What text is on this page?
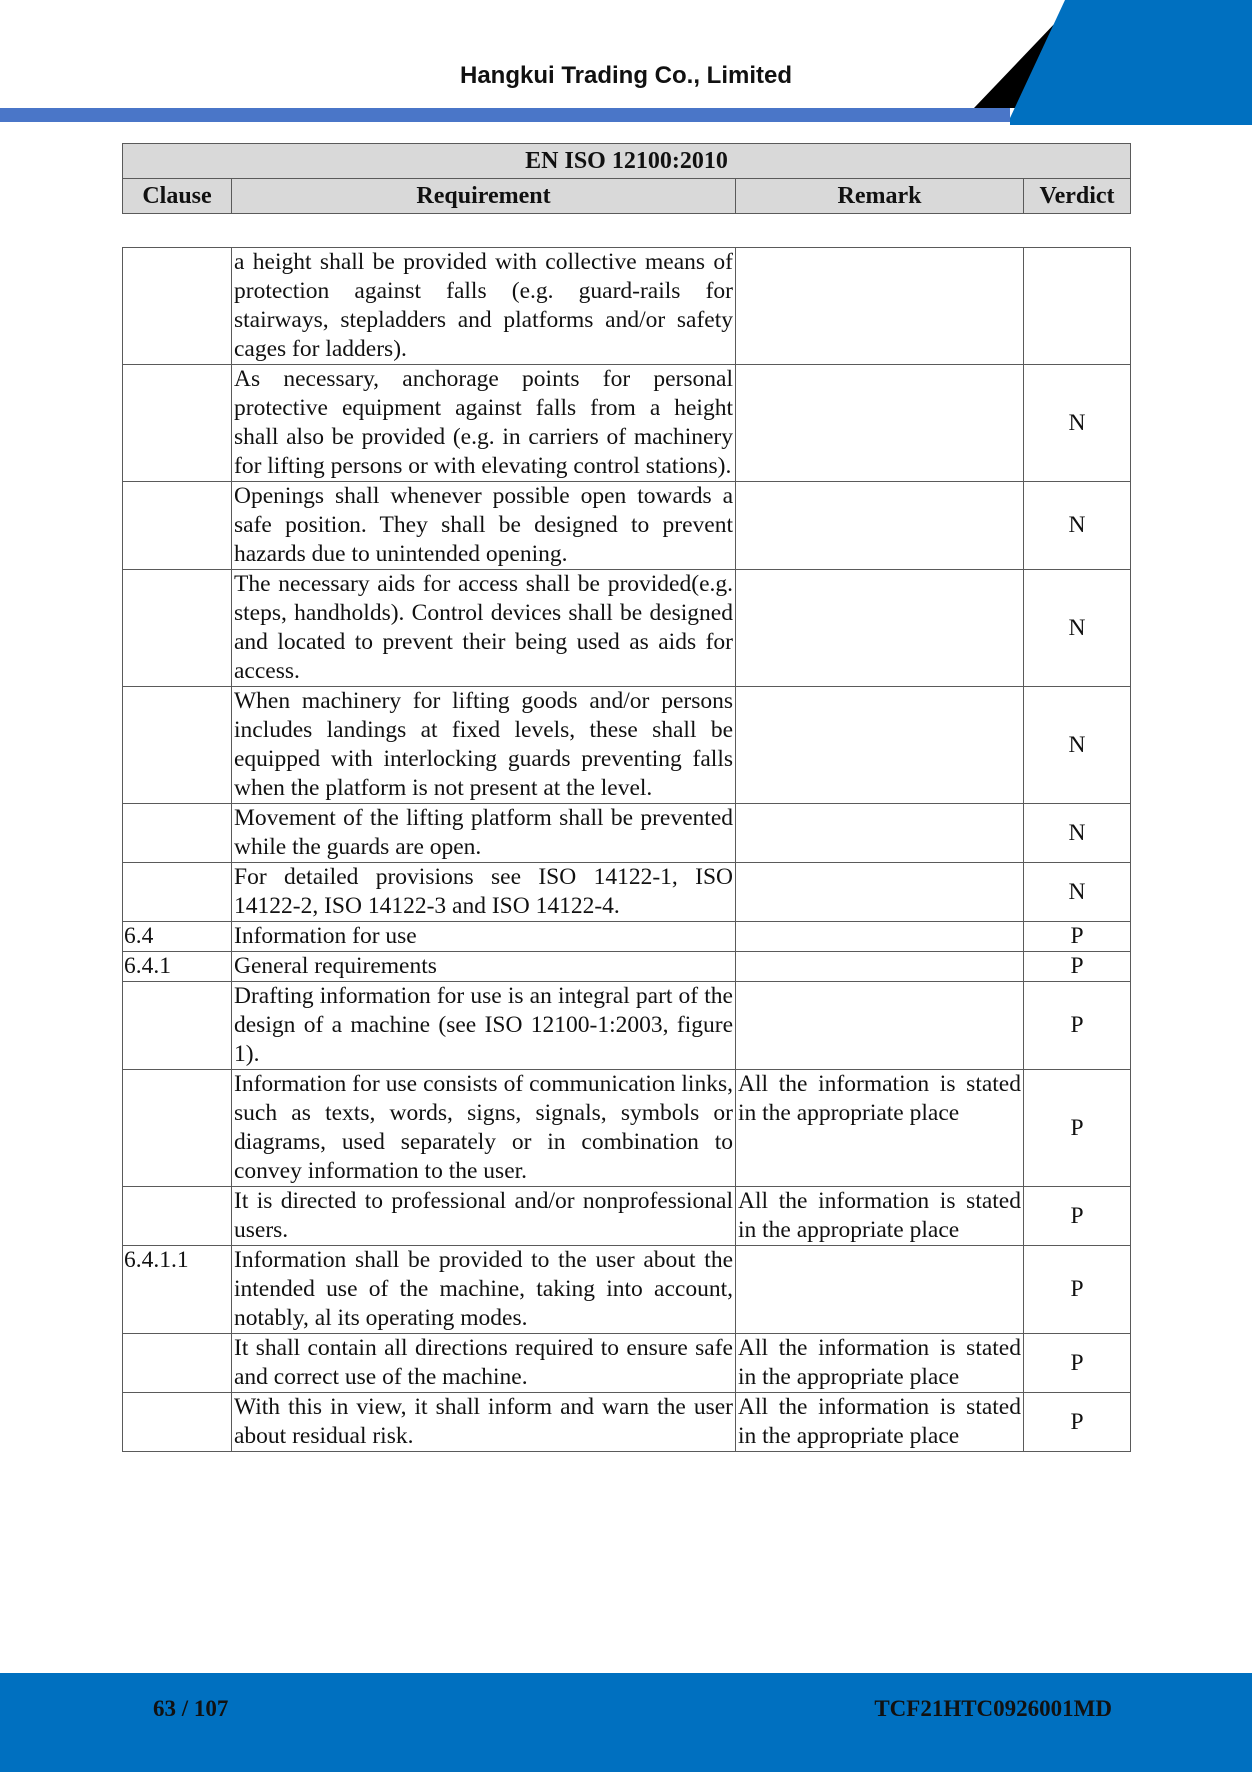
Hangkui Trading Co., Limited
EN ISO 12100:2010
Clause	Requirement	Remark	Verdict
	a height shall be provided with collective means of protection against falls (e.g. guard-rails for stairways, stepladders and platforms and/or safety cages for ladders).		
	As necessary, anchorage points for personal protective equipment against falls from a height shall also be provided (e.g. in carriers of machinery for lifting persons or with elevating control stations).		N
	Openings shall whenever possible open towards a safe position. They shall be designed to prevent hazards due to unintended opening.		N
	The necessary aids for access shall be provided(e.g. steps, handholds). Control devices shall be designed and located to prevent their being used as aids for access.		N
	When machinery for lifting goods and/or persons includes landings at fixed levels, these shall be equipped with interlocking guards preventing falls when the platform is not present at the level.		N
	Movement of the lifting platform shall be prevented while the guards are open.		N
	For detailed provisions see ISO 14122-1, ISO 14122-2, ISO 14122-3 and ISO 14122-4.		N
6.4	Information for use		P
6.4.1	General requirements		P
	Drafting information for use is an integral part of the design of a machine (see ISO 12100-1:2003, figure 1).		P
	Information for use consists of communication links, such as texts, words, signs, signals, symbols or diagrams, used separately or in combination to convey information to the user.	All the information is stated in the appropriate place	P
	It is directed to professional and/or nonprofessional users.	All the information is stated in the appropriate place	P
6.4.1.1	Information shall be provided to the user about the intended use of the machine, taking into account, notably, al its operating modes.		P
	It shall contain all directions required to ensure safe and correct use of the machine.	All the information is stated in the appropriate place	P
	With this in view, it shall inform and warn the user about residual risk.	All the information is stated in the appropriate place	P
63 / 107	TCF21HTC0926001MD
